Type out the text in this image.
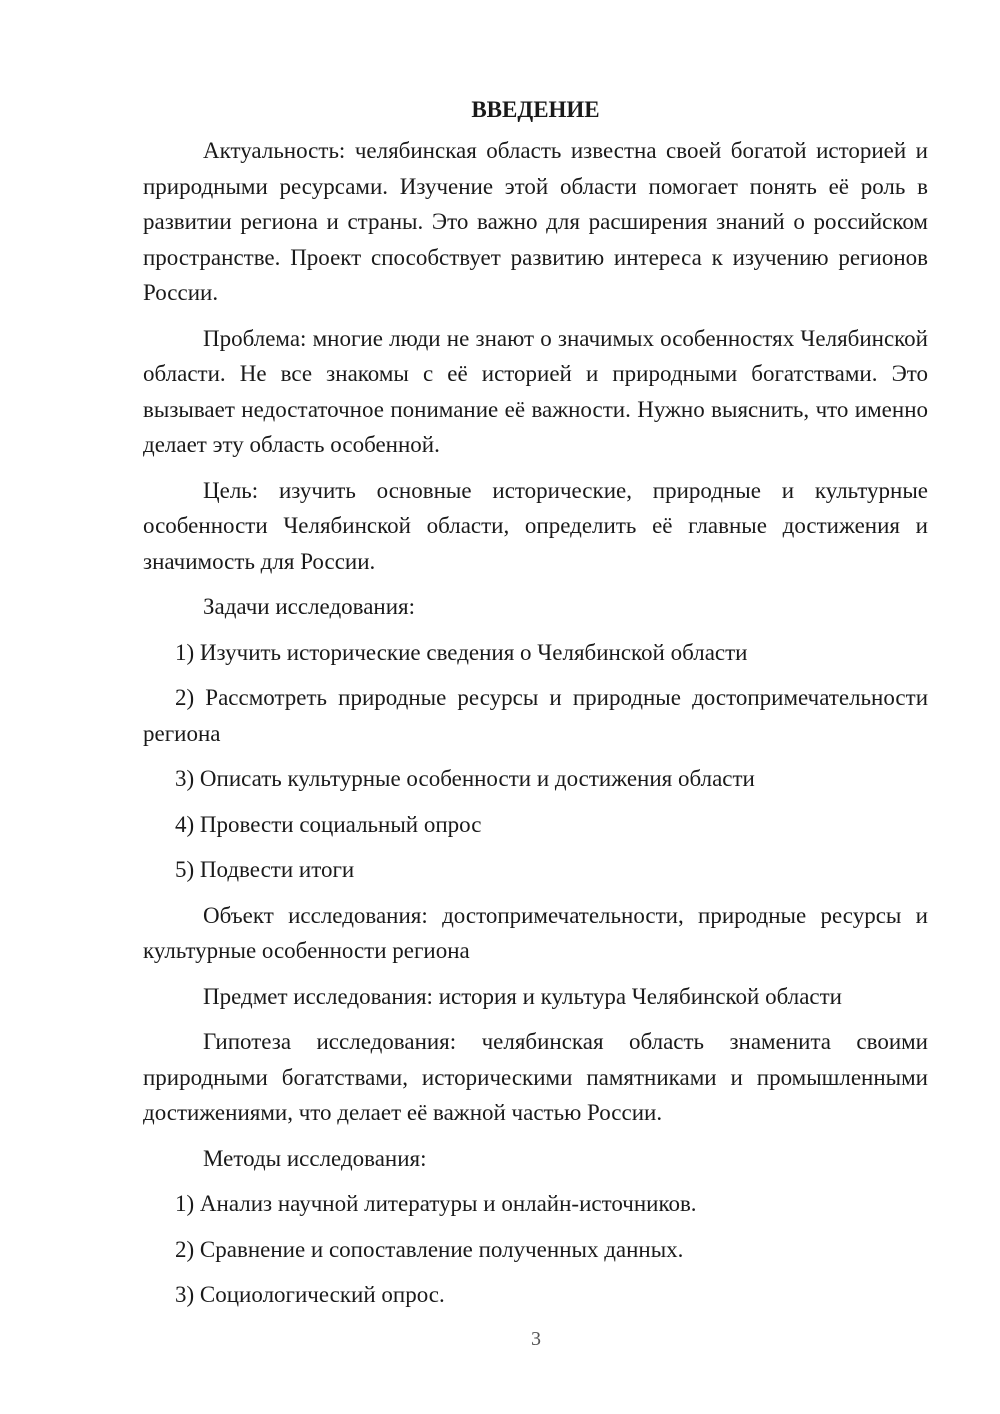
ВВЕДЕНИЕ

Актуальность: челябинская область известна своей богатой историей и природными ресурсами. Изучение этой области помогает понять её роль в развитии региона и страны. Это важно для расширения знаний о российском пространстве. Проект способствует развитию интереса к изучению регионов России.

Проблема: многие люди не знают о значимых особенностях Челябинской области. Не все знакомы с её историей и природными богатствами. Это вызывает недостаточное понимание её важности. Нужно выяснить, что именно делает эту область особенной.

Цель: изучить основные исторические, природные и культурные особенности Челябинской области, определить её главные достижения и значимость для России.

Задачи исследования:

1) Изучить исторические сведения о Челябинской области

2) Рассмотреть природные ресурсы и природные достопримечательности региона

3) Описать культурные особенности и достижения области

4) Провести социальный опрос

5) Подвести итоги

Объект исследования: достопримечательности, природные ресурсы и культурные особенности региона

Предмет исследования: история и культура Челябинской области

Гипотеза исследования: челябинская область знаменита своими природными богатствами, историческими памятниками и промышленными достижениями, что делает её важной частью России.

Методы исследования:

1) Анализ научной литературы и онлайн-источников.

2) Сравнение и сопоставление полученных данных.

3) Социологический опрос.

3
